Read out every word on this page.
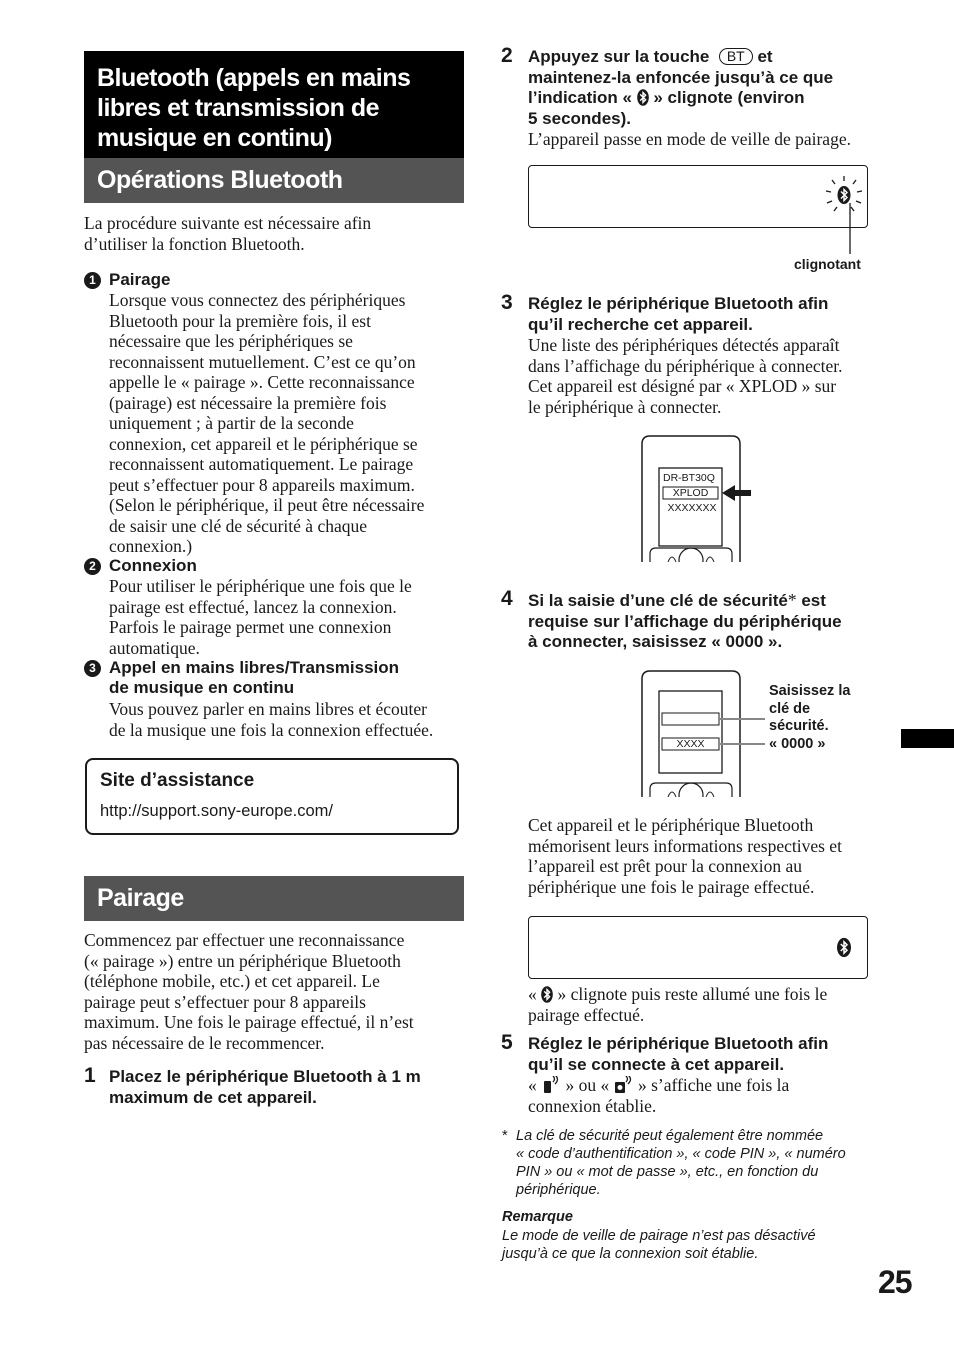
Bluetooth (appels en mains
libres et transmission de
musique en continu)
Opérations Bluetooth
La procédure suivante est nécessaire afin
d’utiliser la fonction Bluetooth.
1 Pairage
Lorsque vous connectez des périphériques
Bluetooth pour la première fois, il est
nécessaire que les périphériques se
reconnaissent mutuellement. C’est ce qu’on
appelle le « pairage ». Cette reconnaissance
(pairage) est nécessaire la première fois
uniquement ; à partir de la seconde
connexion, cet appareil et le périphérique se
reconnaissent automatiquement. Le pairage
peut s’effectuer pour 8 appareils maximum.
(Selon le périphérique, il peut être nécessaire
de saisir une clé de sécurité à chaque
connexion.)
2 Connexion
Pour utiliser le périphérique une fois que le
pairage est effectué, lancez la connexion.
Parfois le pairage permet une connexion
automatique.
3 Appel en mains libres/Transmission
de musique en continu
Vous pouvez parler en mains libres et écouter
de la musique une fois la connexion effectuée.
Site d’assistance
http://support.sony-europe.com/
Pairage
Commencez par effectuer une reconnaissance
(« pairage ») entre un périphérique Bluetooth
(téléphone mobile, etc.) et cet appareil. Le
pairage peut s’effectuer pour 8 appareils
maximum. Une fois le pairage effectué, il n’est
pas nécessaire de le recommencer.
1 Placez le périphérique Bluetooth à 1 m
maximum de cet appareil.
2 Appuyez sur la touche BT et
maintenez-la enfoncée jusqu’à ce que
l’indication « » clignote (environ
5 secondes).
L’appareil passe en mode de veille de pairage.
clignotant
3 Réglez le périphérique Bluetooth afin
qu’il recherche cet appareil.
Une liste des périphériques détectés apparaît
dans l’affichage du périphérique à connecter.
Cet appareil est désigné par « XPLOD » sur
le périphérique à connecter.
DR-BT30Q
XPLOD
XXXXXXX
4 Si la saisie d’une clé de sécurité* est
requise sur l’affichage du périphérique
à connecter, saisissez « 0000 ».
XXXX
Saisissez la
clé de
sécurité.
« 0000 »
Cet appareil et le périphérique Bluetooth
mémorisent leurs informations respectives et
l’appareil est prêt pour la connexion au
périphérique une fois le pairage effectué.
« » clignote puis reste allumé une fois le
pairage effectué.
5 Réglez le périphérique Bluetooth afin
qu’il se connecte à cet appareil.
« » ou « » s’affiche une fois la
connexion établie.
* La clé de sécurité peut également être nommée
« code d’authentification », « code PIN », « numéro
PIN » ou « mot de passe », etc., en fonction du
périphérique.
Remarque
Le mode de veille de pairage n’est pas désactivé
jusqu’à ce que la connexion soit établie.
25
